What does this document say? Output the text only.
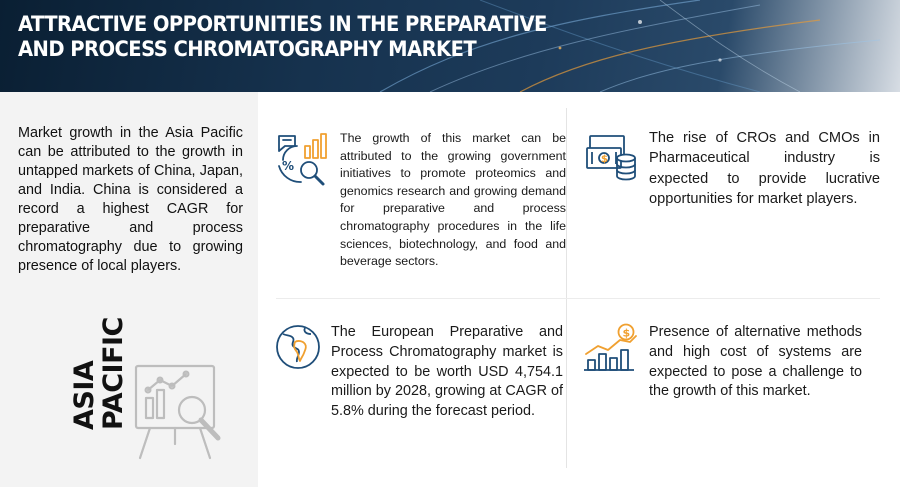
ATTRACTIVE OPPORTUNITIES IN THE PREPARATIVE AND PROCESS CHROMATOGRAPHY MARKET
Market growth in the Asia Pacific can be attributed to the growth in untapped markets of China, Japan, and India. China is considered a record a highest CAGR for preparative and process chromatography due to growing presence of local players.
ASIA
PACIFIC
%
The growth of this market can be attributed to the growing government initiatives to promote proteomics and genomics research and growing demand for preparative and process chromatography procedures in the life sciences, biotechnology, and food and beverage sectors.
$
The rise of CROs and CMOs in Pharmaceutical industry is expected to provide lucrative opportunities for market players.
The European Preparative and Process Chromatography market is expected to be worth USD 4,754.1 million by 2028, growing at CAGR of 5.8% during the forecast period.
$ Presence of alternative methods and high cost of systems are expected to pose a challenge to the growth of this market.
